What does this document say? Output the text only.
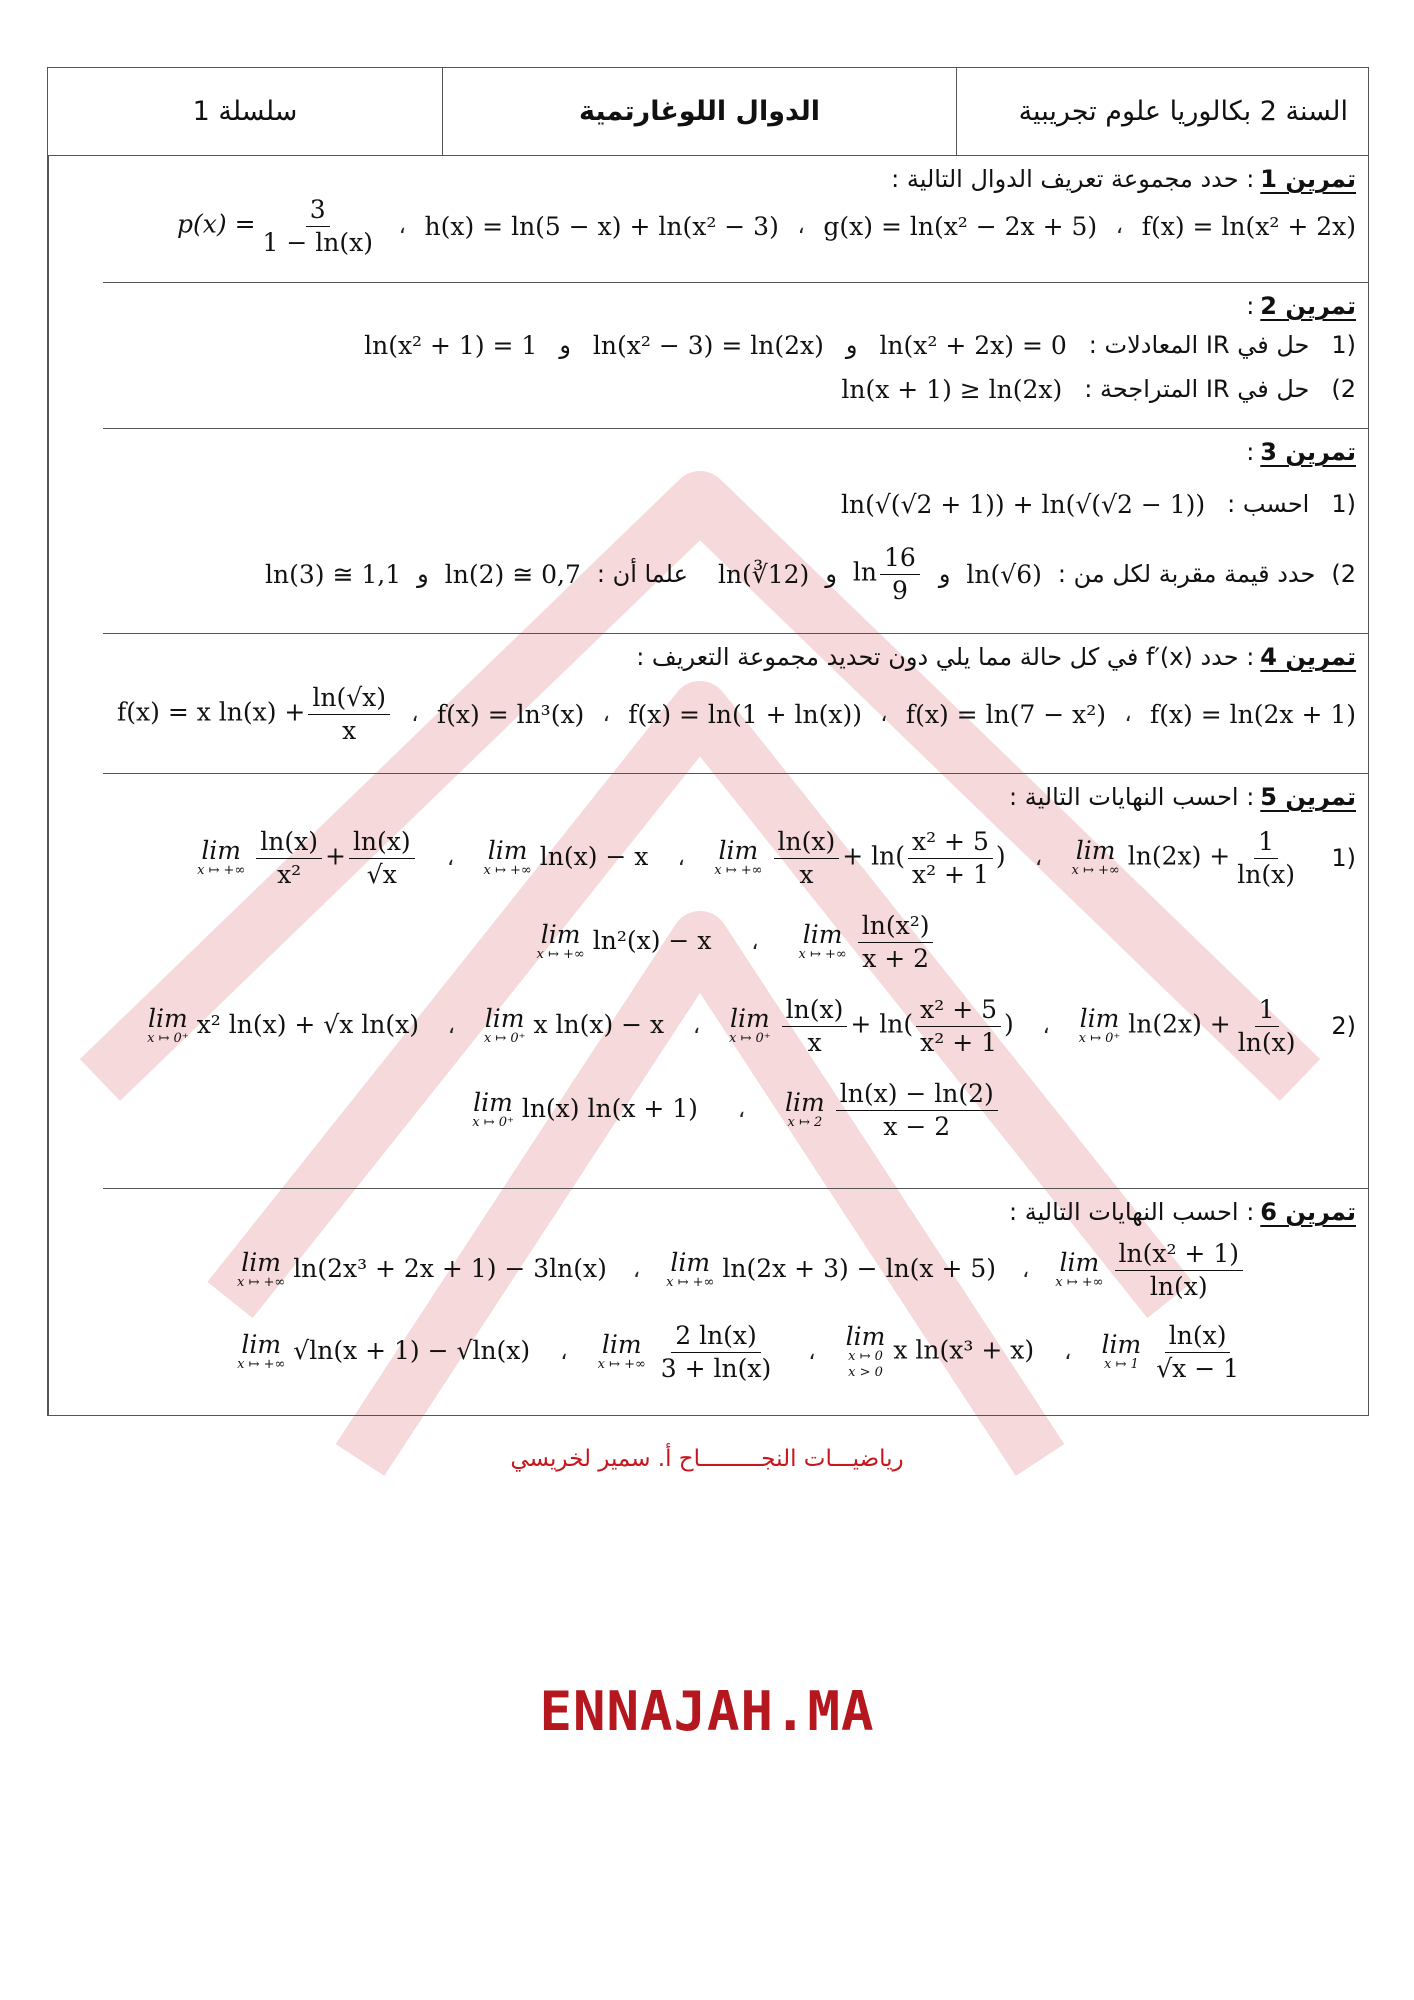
السنة 2 بكالوريا علوم تجريبية
الدوال اللوغارتمية
سلسلة 1
تمرين 1: حدد مجموعة تعريف الدوال التالية :
f(x) = ln(x² + 2x)
،
g(x) = ln(x² − 2x + 5)
،
h(x) = ln(5 − x) + ln(x² − 3)
،
$p(x) = \frac{3}{1 - \ln(x)}$
تمرين 2:
(1
حل في IR المعادلات :
ln(x² + 2x) = 0
و
ln(x² − 3) = ln(2x)
و
ln(x² + 1) = 1
2)
حل في IR المتراجحة :
ln(x + 1) ≥ ln(2x)
تمرين 3:
(1
احسب :
ln(√(√2 + 1)) + ln(√(√2 − 1))
2)
حدد قيمة مقربة لكل من :
ln(√6)
و
$\ln \frac{16}{9}$
و
ln(∛12)
علما أن :
ln(2) ≅ 0,7
و
ln(3) ≅ 1,1
تمرين 4: حدد f′(x) في كل حالة مما يلي دون تحديد مجموعة التعريف :
f(x) = ln(2x + 1)
،
f(x) = ln(7 − x²)
،
f(x) = ln(1 + ln(x))
،
f(x) = ln³(x)
،
f(x) = x $\ln(x) + \frac{\ln(√x)}{x}$
تمرين 5: احسب النهايات التالية :
(1
lim
x ↦ +∞ $\ln(2x) + \frac{1}{\ln(x)}$
،
lim
x ↦ +∞ $\frac{\ln(x)}{x} + \ln( \frac{\text{x² + 5}}{\text{x² + 1}}$ )
،
lim
x ↦ +∞ ln(x) − x
،
lim
x ↦ +∞ $\frac{\ln(x)}{\text{x²}} + \frac{\ln(x)}{√x}$
lim
x ↦ +∞ $\frac{\text{ln(x²)}}{x + 2}$
،
lim
x ↦ +∞ ln²(x) − x
(2
lim
x ↦ 0⁺ $\ln(2x) + \frac{1}{\ln(x)}$
،
lim
x ↦ $0^+ \frac{\ln(x)}{x} + \ln( \frac{\text{x² + 5}}{\text{x² + 1}}$ )
،
lim
x ↦ 0⁺ x ln(x) − x
،
lim
x ↦ 0⁺ x² ln(x) + √x ln(x)
lim
x ↦ $2 \frac{\ln(x) - \ln(2)}{x - 2}$
،
lim
x ↦ 0⁺ ln(x) ln(x + 1)
تمرين 6: احسب النهايات التالية :
lim
x ↦ +∞ $\frac{\text{ln(x² + 1)}}{\ln(x)}$
،
lim
x ↦ +∞ ln(2x + 3) − ln(x + 5)
،
lim
x ↦ +∞ ln(2x³ + 2x + 1) − 3ln(x)
lim
x ↦ $1 \frac{\ln(x)}{√x - 1}$
،
lim
x ↦ 0
x > 0
x ln(x³ + x)
،
lim
x ↦ +∞ $\frac{2 \ln(x)}{3 + \ln(x)}$
،
lim
x ↦ +∞ √ln(x + 1) − √ln(x)
رياضيـــات النجـــــــــاح أ. سمير لخريسي
ENNAJAH.MA
